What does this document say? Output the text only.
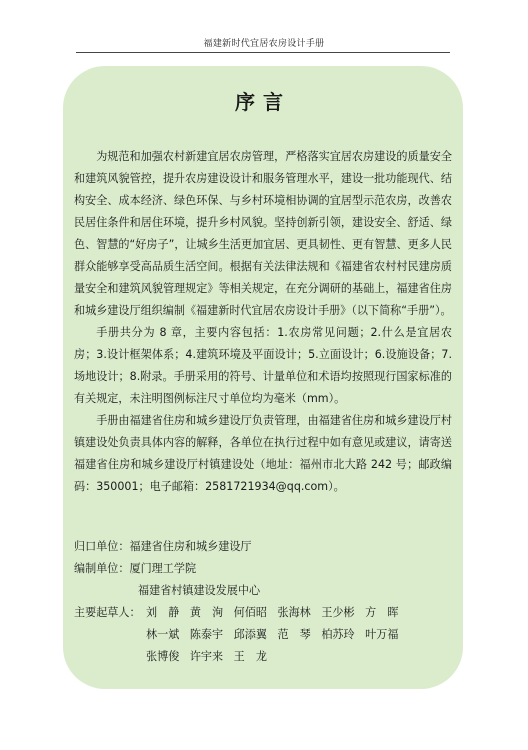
福建新时代宜居农房设计手册
序言

为规范和加强农村新建宜居农房管理，严格落实宜居农房建设的质量安全和建筑风貌管控，提升农房建设设计和服务管理水平，建设一批功能现代、结构安全、成本经济、绿色环保、与乡村环境相协调的宜居型示范农房，改善农民居住条件和居住环境，提升乡村风貌。坚持创新引领，建设安全、舒适、绿色、智慧的“好房子”，让城乡生活更加宜居、更具韧性、更有智慧、更多人民群众能够享受高品质生活空间。根据有关法律法规和《福建省农村村民建房质量安全和建筑风貌管理规定》等相关规定，在充分调研的基础上，福建省住房和城乡建设厅组织编制《福建新时代宜居农房设计手册》（以下简称“手册”）。

手册共分为 8 章，主要内容包括：1.农房常见问题；2.什么是宜居农房；3.设计框架体系；4.建筑环境及平面设计；5.立面设计；6.设施设备；7.场地设计；8.附录。手册采用的符号、计量单位和术语均按照现行国家标准的有关规定，未注明图例标注尺寸单位均为毫米（mm）。

手册由福建省住房和城乡建设厅负责管理，由福建省住房和城乡建设厅村镇建设处负责具体内容的解释，各单位在执行过程中如有意见或建议，请寄送福建省住房和城乡建设厅村镇建设处（地址：福州市北大路 242 号；邮政编码：350001；电子邮箱：2581721934@qq.com）。

归口单位：福建省住房和城乡建设厅
编制单位：厦门理工学院
福建省村镇建设发展中心
主要起草人： 刘　静 黄　洵 何佰昭 张海林 王少彬 方　晖
林一斌 陈泰宇 邱添翼 范　琴 柏苏玲 叶万福
张博俊 许宇来 王　龙
